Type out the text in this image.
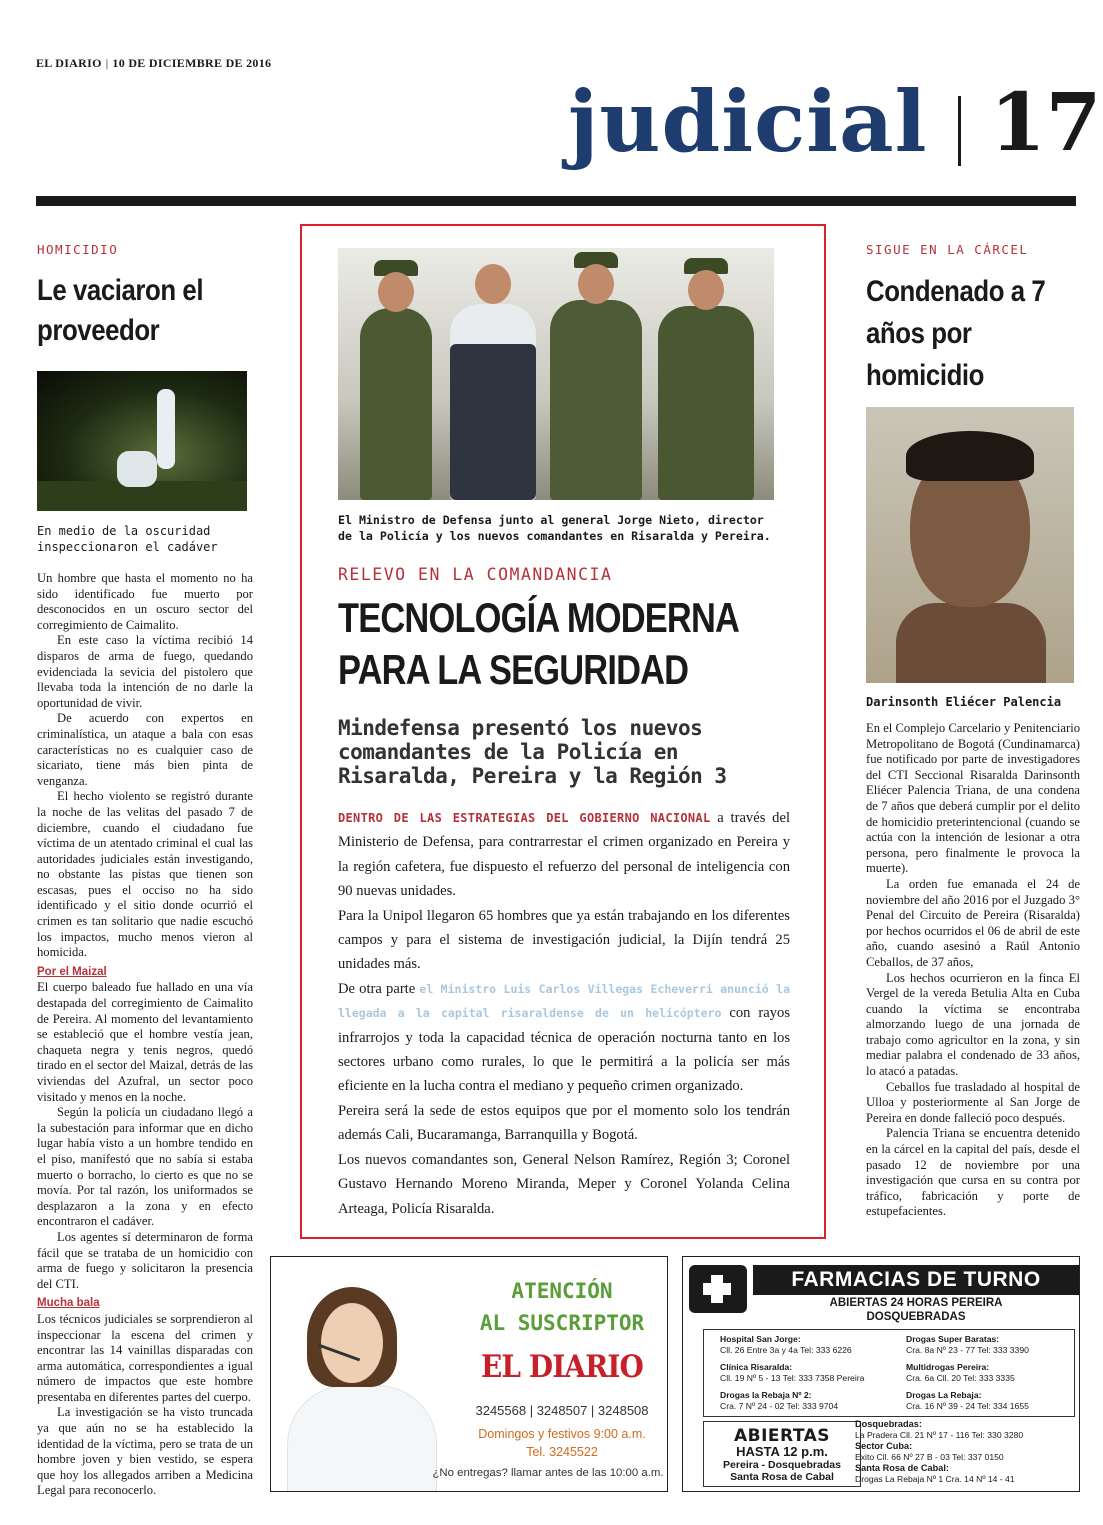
EL DIARIO | 10 DE DICIEMBRE DE 2016
judicial 17
HOMICIDIO
Le vaciaron el proveedor
En medio de la oscuridad inspeccionaron el cadáver

Un hombre que hasta el momento no ha sido identificado fue muerto por desconocidos en un oscuro sector del corregimiento de Caimalito.

En este caso la víctima recibió 14 disparos de arma de fuego, quedando evidenciada la sevicia del pistolero que llevaba toda la intención de no darle la oportunidad de vivir.

De acuerdo con expertos en criminalística, un ataque a bala con esas características no es cualquier caso de sicariato, tiene más bien pinta de venganza.

El hecho violento se registró durante la noche de las velitas del pasado 7 de diciembre, cuando el ciudadano fue víctima de un atentado criminal el cual las autoridades judiciales están investigando, no obstante las pistas que tienen son escasas, pues el occiso no ha sido identificado y el sitio donde ocurrió el crimen es tan solitario que nadie escuchó los impactos, mucho menos vieron al homicida.

Por el Maizal

El cuerpo baleado fue hallado en una vía destapada del corregimiento de Caimalito de Pereira. Al momento del levantamiento se estableció que el hombre vestía jean, chaqueta negra y tenis negros, quedó tirado en el sector del Maizal, detrás de las viviendas del Azufral, un sector poco visitado y menos en la noche.

Según la policía un ciudadano llegó a la subestación para informar que en dicho lugar había visto a un hombre tendido en el piso, manifestó que no sabía si estaba muerto o borracho, lo cierto es que no se movía. Por tal razón, los uniformados se desplazaron a la zona y en efecto encontraron el cadáver.

Los agentes sí determinaron de forma fácil que se trataba de un homicidio con arma de fuego y solicitaron la presencia del CTI.

Mucha bala

Los técnicos judiciales se sorprendieron al inspeccionar la escena del crimen y encontrar las 14 vainillas disparadas con arma automática, correspondientes a igual número de impactos que este hombre presentaba en diferentes partes del cuerpo.

La investigación se ha visto truncada ya que aún no se ha establecido la identidad de la víctima, pero se trata de un hombre joven y bien vestido, se espera que hoy los allegados arriben a Medicina Legal para reconocerlo.

El Ministro de Defensa junto al general Jorge Nieto, director de la Policía y los nuevos comandantes en Risaralda y Pereira.
RELEVO EN LA COMANDANCIA
TECNOLOGÍA MODERNA
PARA LA SEGURIDAD
Mindefensa presentó los nuevos comandantes de la Policía en Risaralda, Pereira y la Región 3

DENTRO DE LAS ESTRATEGIAS DEL GOBIERNO NACIONAL a través del Ministerio de Defensa, para contrarrestar el crimen organizado en Pereira y la región cafetera, fue dispuesto el refuerzo del personal de inteligencia con 90 nuevas unidades.

Para la Unipol llegaron 65 hombres que ya están trabajando en los diferentes campos y para el sistema de investigación judicial, la Dijín tendrá 25 unidades más.

De otra parte el Ministro Luis Carlos Villegas Echeverri anunció la llegada a la capital risaraldense de un helicóptero con rayos infrarrojos y toda la capacidad técnica de operación nocturna tanto en los sectores urbano como rurales, lo que le permitirá a la policía ser más eficiente en la lucha contra el mediano y pequeño crimen organizado.

Pereira será la sede de estos equipos que por el momento solo los tendrán además Cali, Bucaramanga, Barranquilla y Bogotá.

Los nuevos comandantes son, General Nelson Ramírez, Región 3; Coronel Gustavo Hernando Moreno Miranda, Meper y Coronel Yolanda Celina Arteaga, Policía Risaralda.

SIGUE EN LA CÁRCEL
Condenado a 7 años por homicidio
Darinsonth Eliécer Palencia

En el Complejo Carcelario y Penitenciario Metropolitano de Bogotá (Cundinamarca) fue notificado por parte de investigadores del CTI Seccional Risaralda Darinsonth Eliécer Palencia Triana, de una condena de 7 años que deberá cumplir por el delito de homicidio preterintencional (cuando se actúa con la intención de lesionar a otra persona, pero finalmente le provoca la muerte).

La orden fue emanada el 24 de noviembre del año 2016 por el Juzgado 3° Penal del Circuito de Pereira (Risaralda) por hechos ocurridos el 06 de abril de este año, cuando asesinó a Raúl Antonio Ceballos, de 37 años,

Los hechos ocurrieron en la finca El Vergel de la vereda Betulia Alta en Cuba cuando la víctima se encontraba almorzando luego de una jornada de trabajo como agricultor en la zona, y sin mediar palabra el condenado de 33 años, lo atacó a patadas.

Ceballos fue trasladado al hospital de Ulloa y posteriormente al San Jorge de Pereira en donde falleció poco después.

Palencia Triana se encuentra detenido en la cárcel en la capital del país, desde el pasado 12 de noviembre por una investigación que cursa en su contra por tráfico, fabricación y porte de estupefacientes.

ATENCIÓN
AL SUSCRIPTOR
EL DIARIO
3245568 | 3248507 | 3248508
Domingos y festivos 9:00 a.m.
Tel. 3245522
¿No entregas? llamar antes de las 10:00 a.m.
FARMACIAS DE TURNO
ABIERTAS 24 HORAS PEREIRA
DOSQUEBRADAS
Hospital San Jorge:
Cll. 26 Entre 3a y 4a Tel: 333 6226
Drogas Super Baratas:
Cra. 8a Nº 23 - 77 Tel: 333 3390
Clínica Risaralda:
Cll. 19 Nº 5 - 13 Tel: 333 7358 Pereira
Multidrogas Pereira:
Cra. 6a Cll. 20 Tel: 333 3335
Drogas la Rebaja Nº 2:
Cra. 7 Nº 24 - 02 Tel: 333 9704
Drogas La Rebaja:
Cra. 16 Nº 39 - 24 Tel: 334 1655
ABIERTAS
HASTA 12 p.m.
Pereira - Dosquebradas
Santa Rosa de Cabal
Dosquebradas:
La Pradera Cll. 21 Nº 17 - 116 Tel: 330 3280
Sector Cuba:
Exito Cll. 66 Nº 27 B - 03 Tel: 337 0150
Santa Rosa de Cabal:
Drogas La Rebaja Nº 1 Cra. 14 Nº 14 - 41
